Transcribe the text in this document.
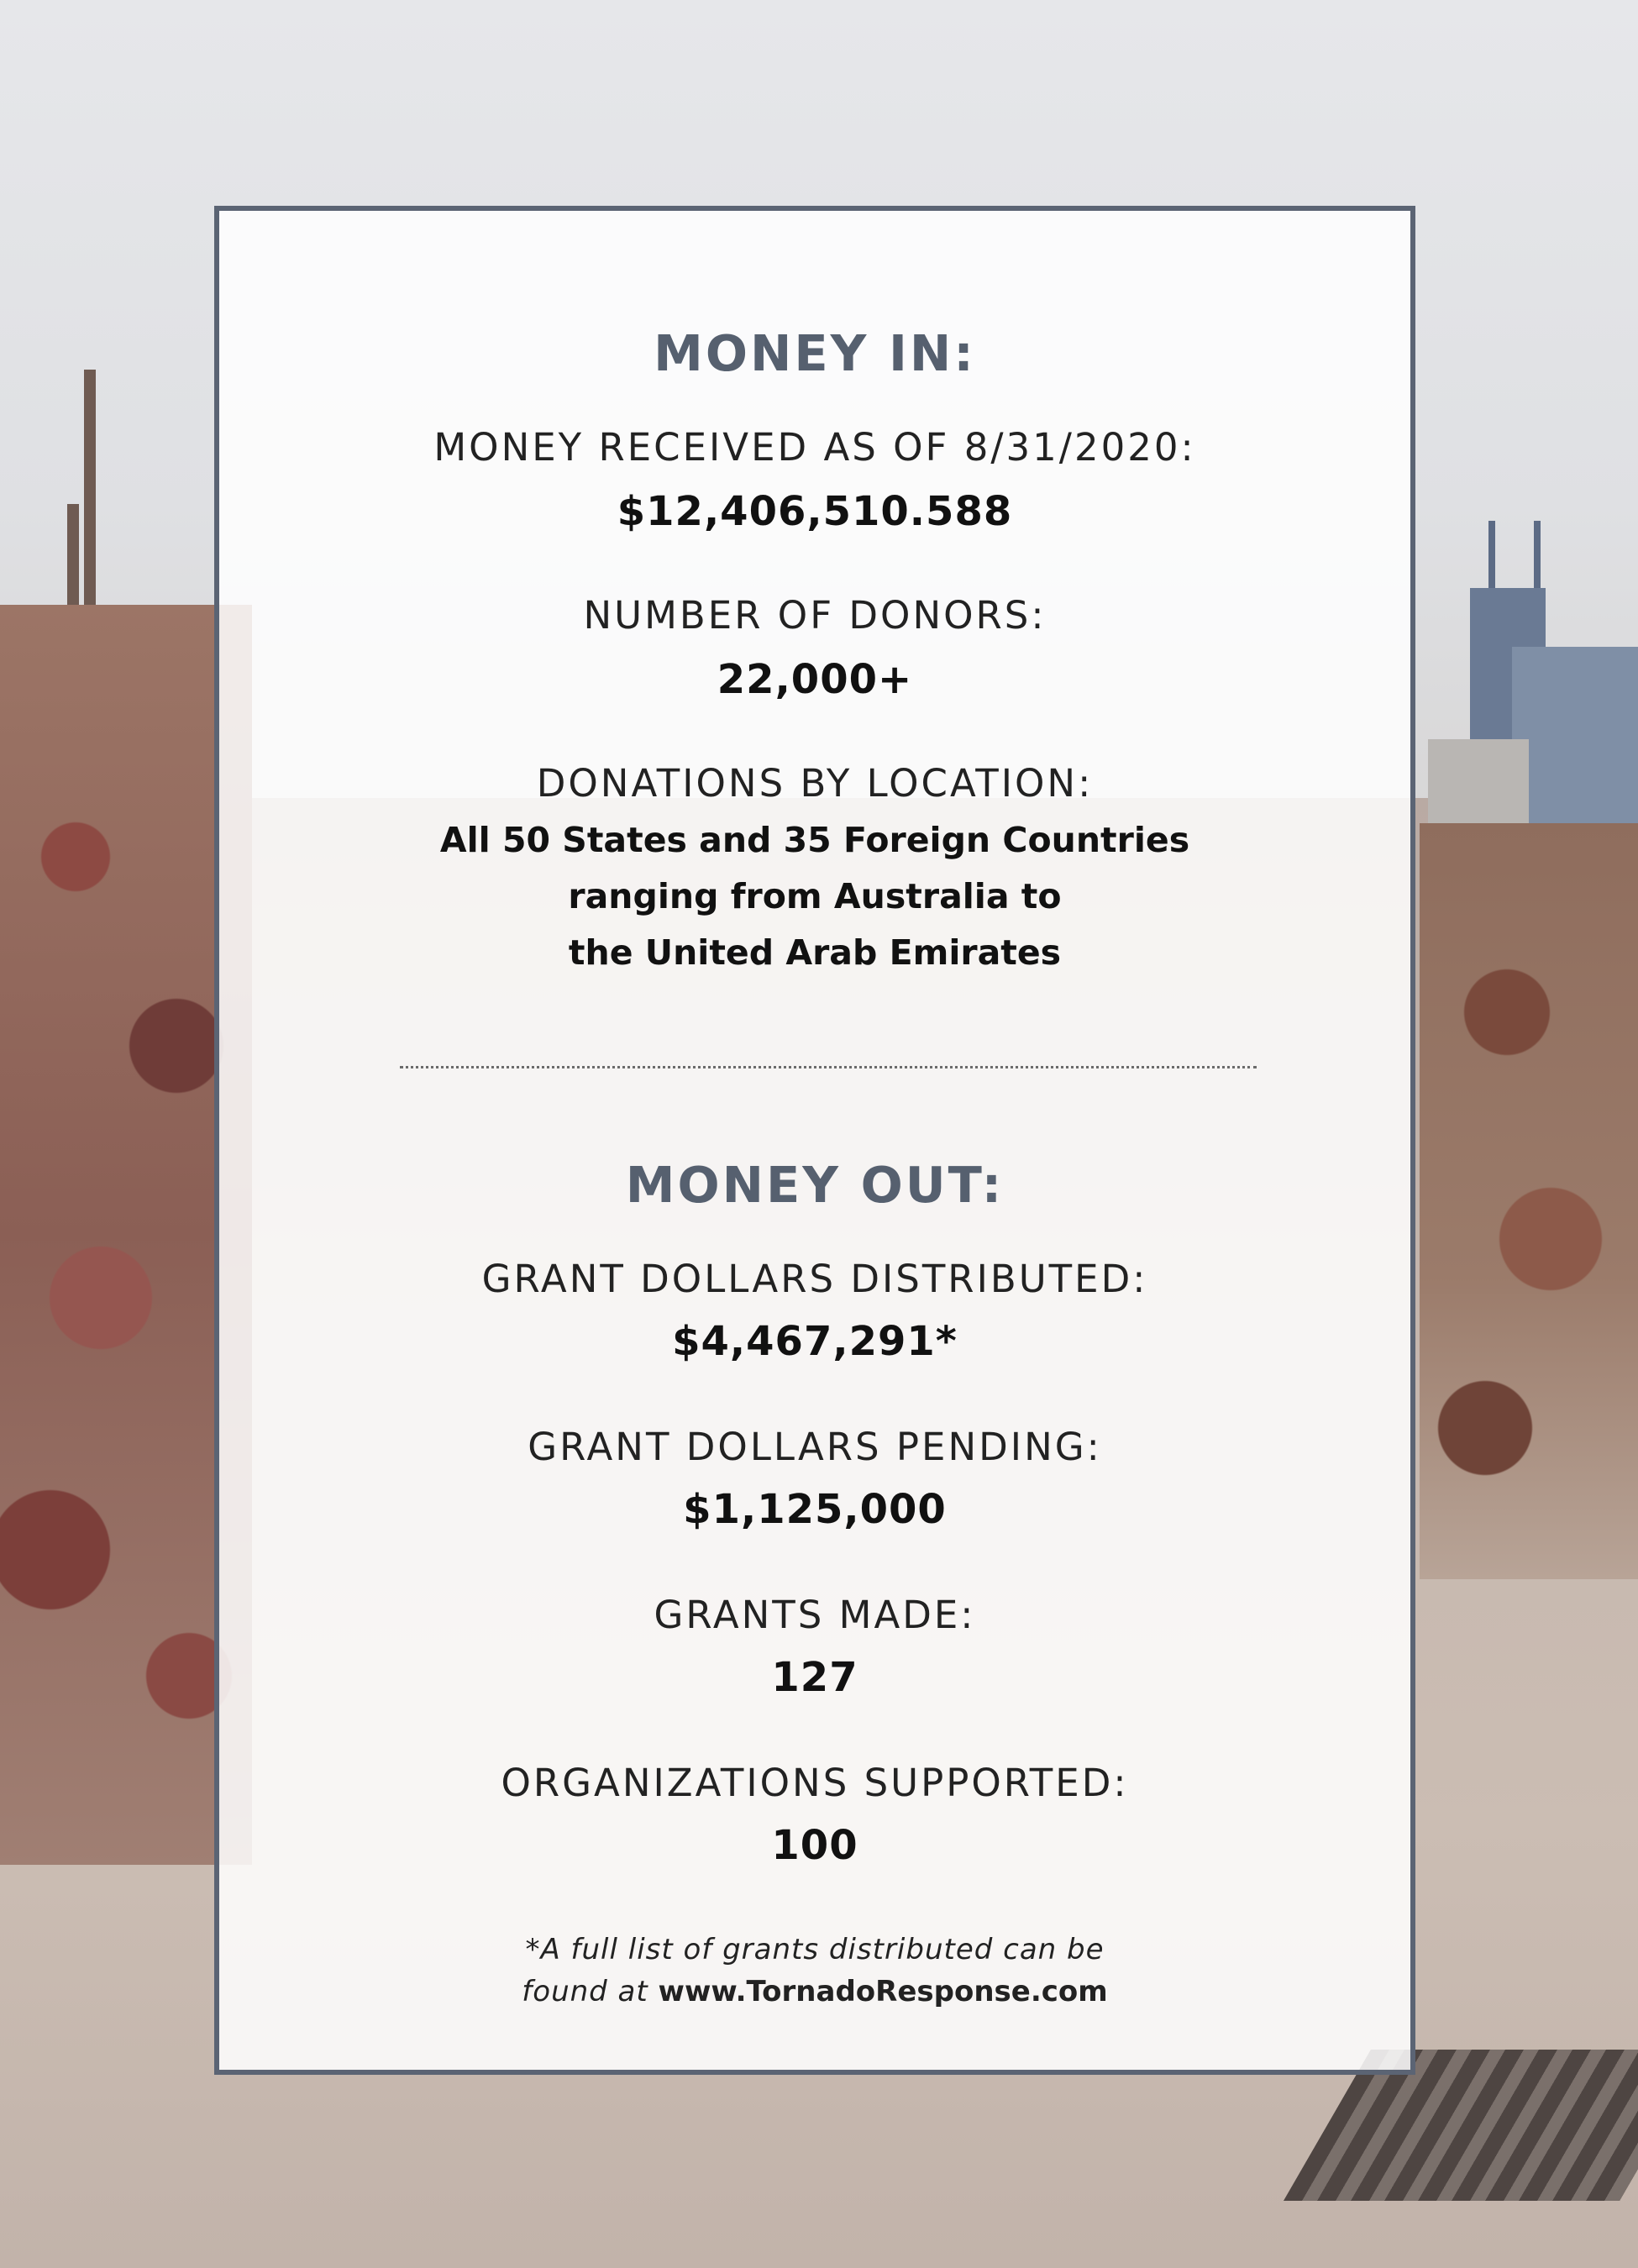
MONEY IN:
MONEY RECEIVED AS OF 8/31/2020:
$12,406,510.588
NUMBER OF DONORS:
22,000+
DONATIONS BY LOCATION:
All 50 States and 35 Foreign Countries
ranging from Australia to
the United Arab Emirates
MONEY OUT:
GRANT DOLLARS DISTRIBUTED:
$4,467,291*
GRANT DOLLARS PENDING:
$1,125,000
GRANTS MADE:
127
ORGANIZATIONS SUPPORTED:
100
*A full list of grants distributed can be
found at www.TornadoResponse.com
